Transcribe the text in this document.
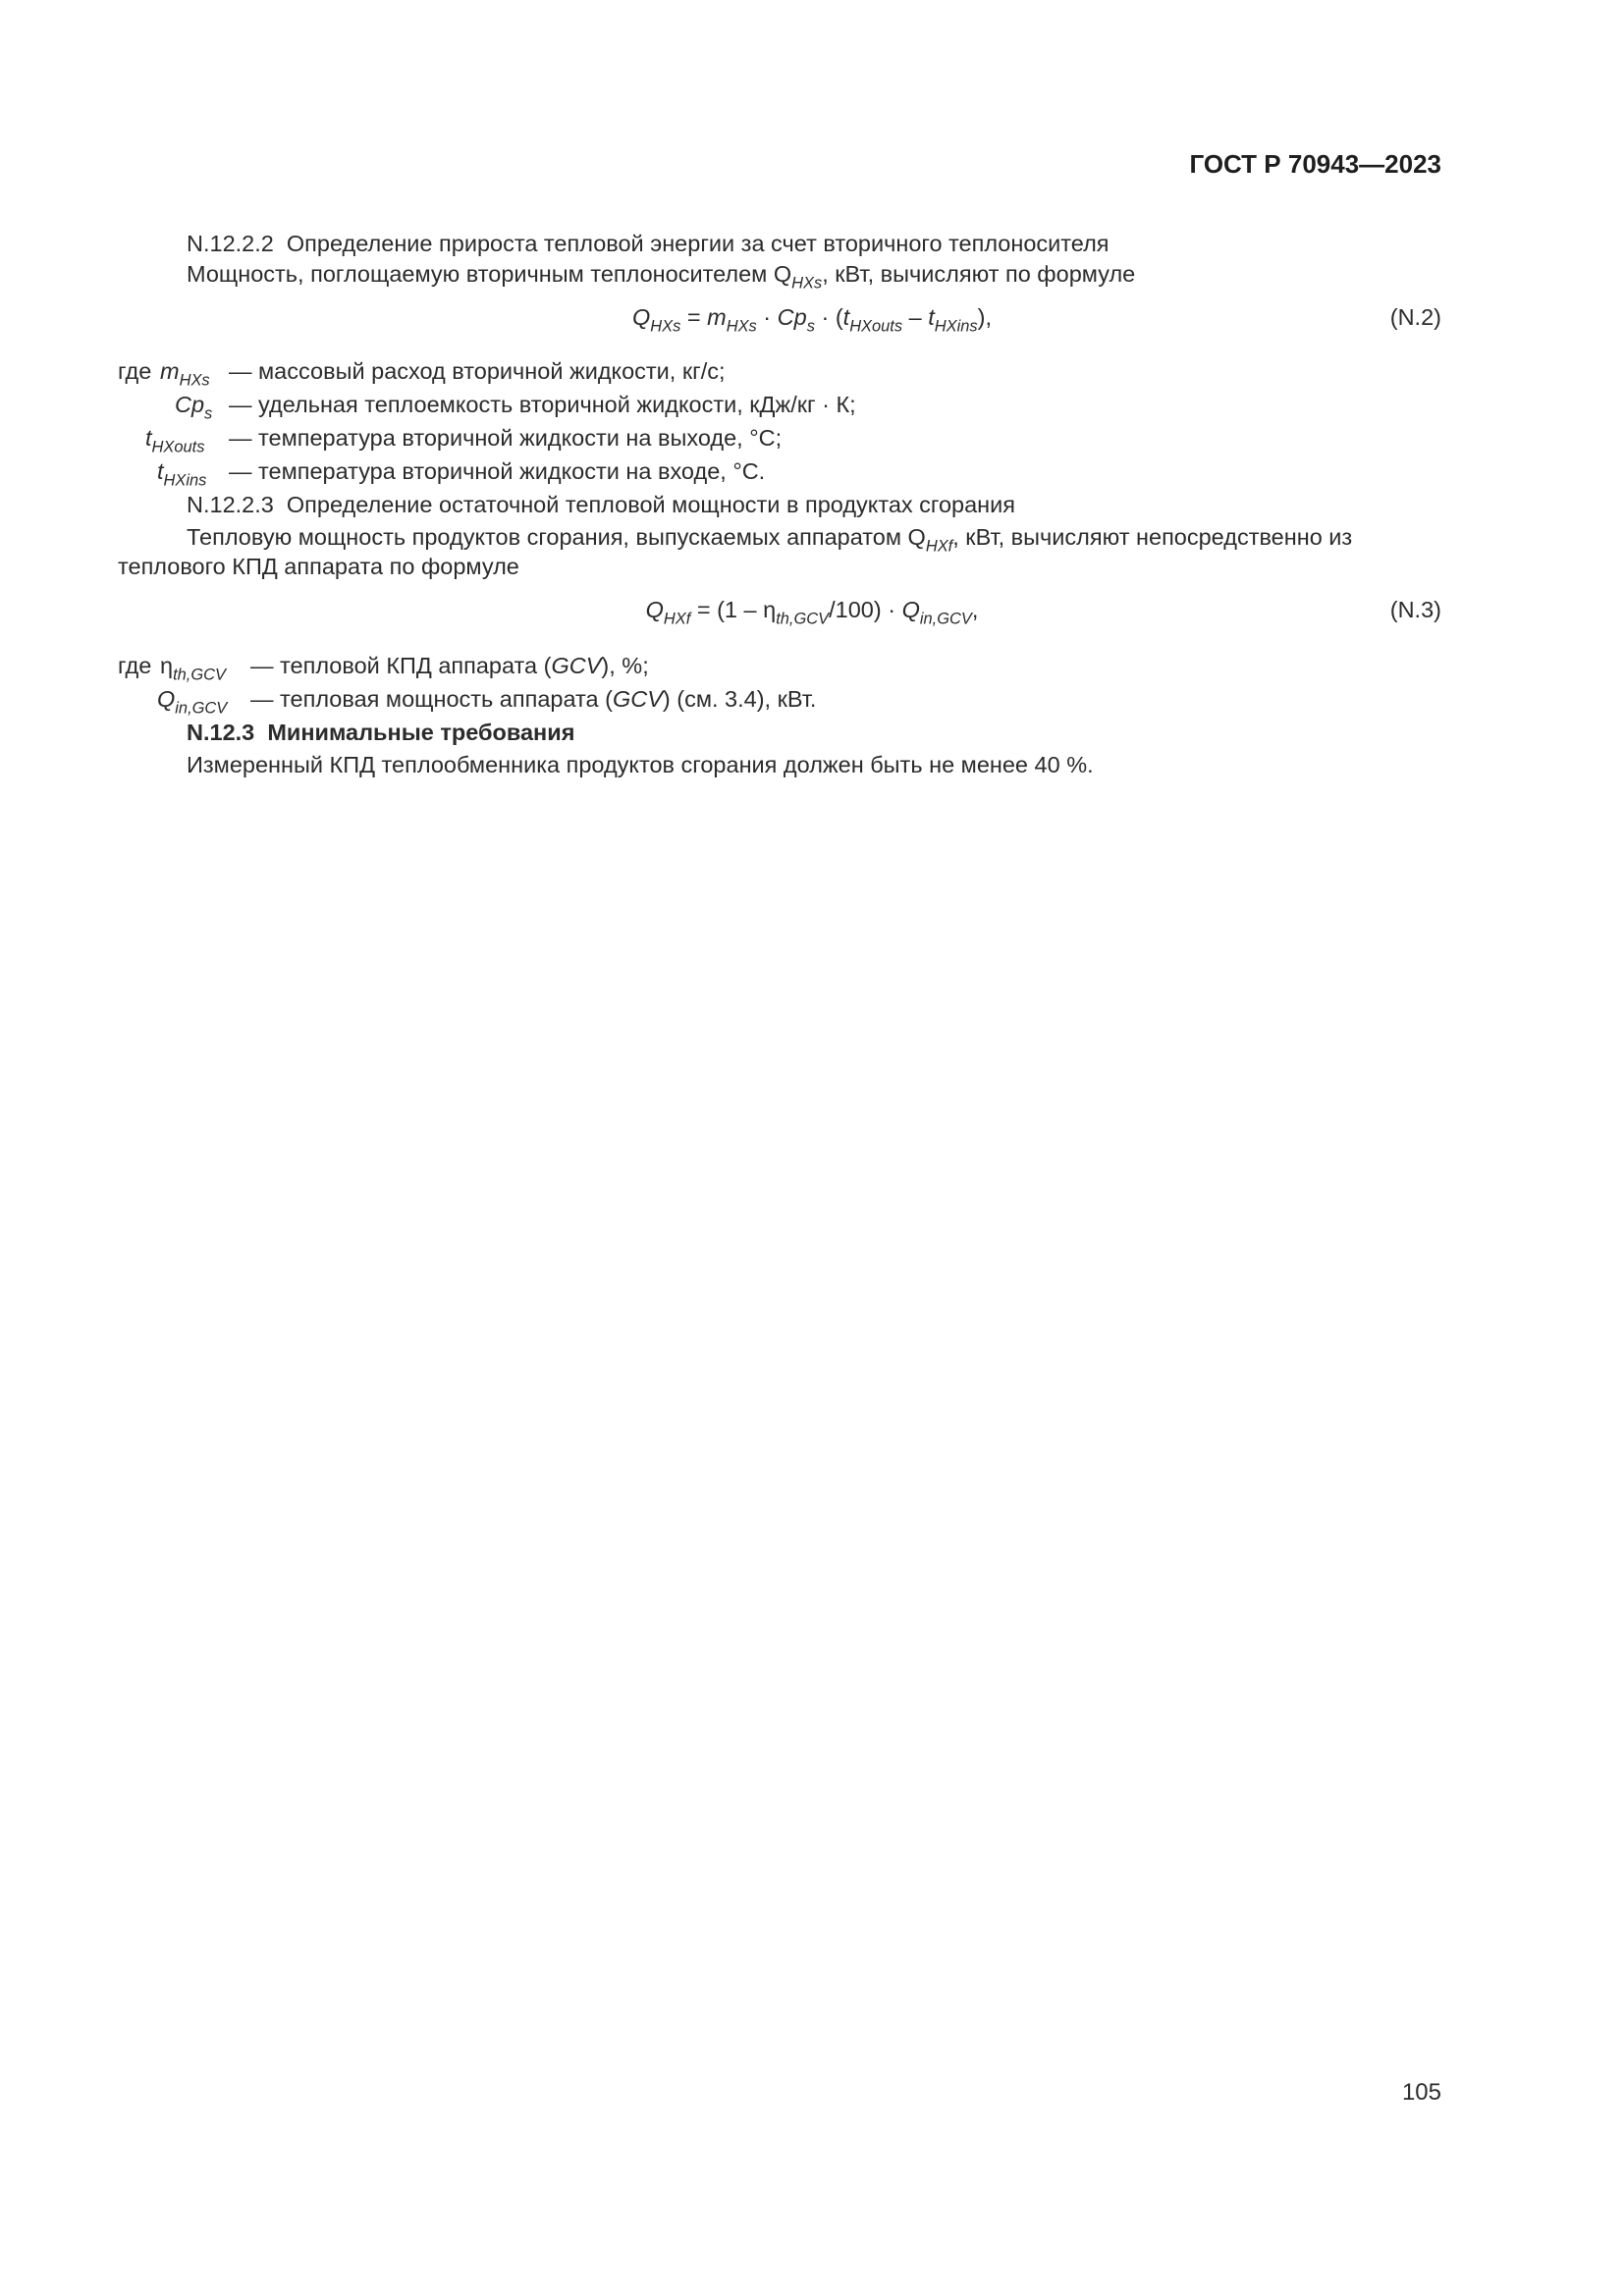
ГОСТ Р 70943—2023
N.12.2.2 Определение прироста тепловой энергии за счет вторичного теплоносителя
Мощность, поглощаемую вторичным теплоносителем $Q_{HXs}$, кВт, вычисляют по формуле
$Q_{HXs} = m_{HXs} \cdot Cp_s \cdot (t_{HXouts} - t_{HXins})$,	(N.2)
где $m_{HXs}$ — массовый расход вторичной жидкости, кг/с;
$Cp_s$ — удельная теплоемкость вторичной жидкости, кДж/кг · К;
$t_{HXouts}$ — температура вторичной жидкости на выходе, °C;
$t_{HXins}$ — температура вторичной жидкости на входе, °C.
N.12.2.3 Определение остаточной тепловой мощности в продуктах сгорания
Тепловую мощность продуктов сгорания, выпускаемых аппаратом $Q_{HXf}$, кВт, вычисляют непосредственно из
теплового КПД аппарата по формуле
$Q_{HXf} = (1 - \eta_{th,GCV}/100) \cdot Q_{in,GCV}$,	(N.3)
где $\eta_{th,GCV}$ — тепловой КПД аппарата (GCV), %;
$Q_{in,GCV}$ — тепловая мощность аппарата (GCV) (см. 3.4), кВт.
N.12.3 Минимальные требования
Измеренный КПД теплообменника продуктов сгорания должен быть не менее 40 %.
105
